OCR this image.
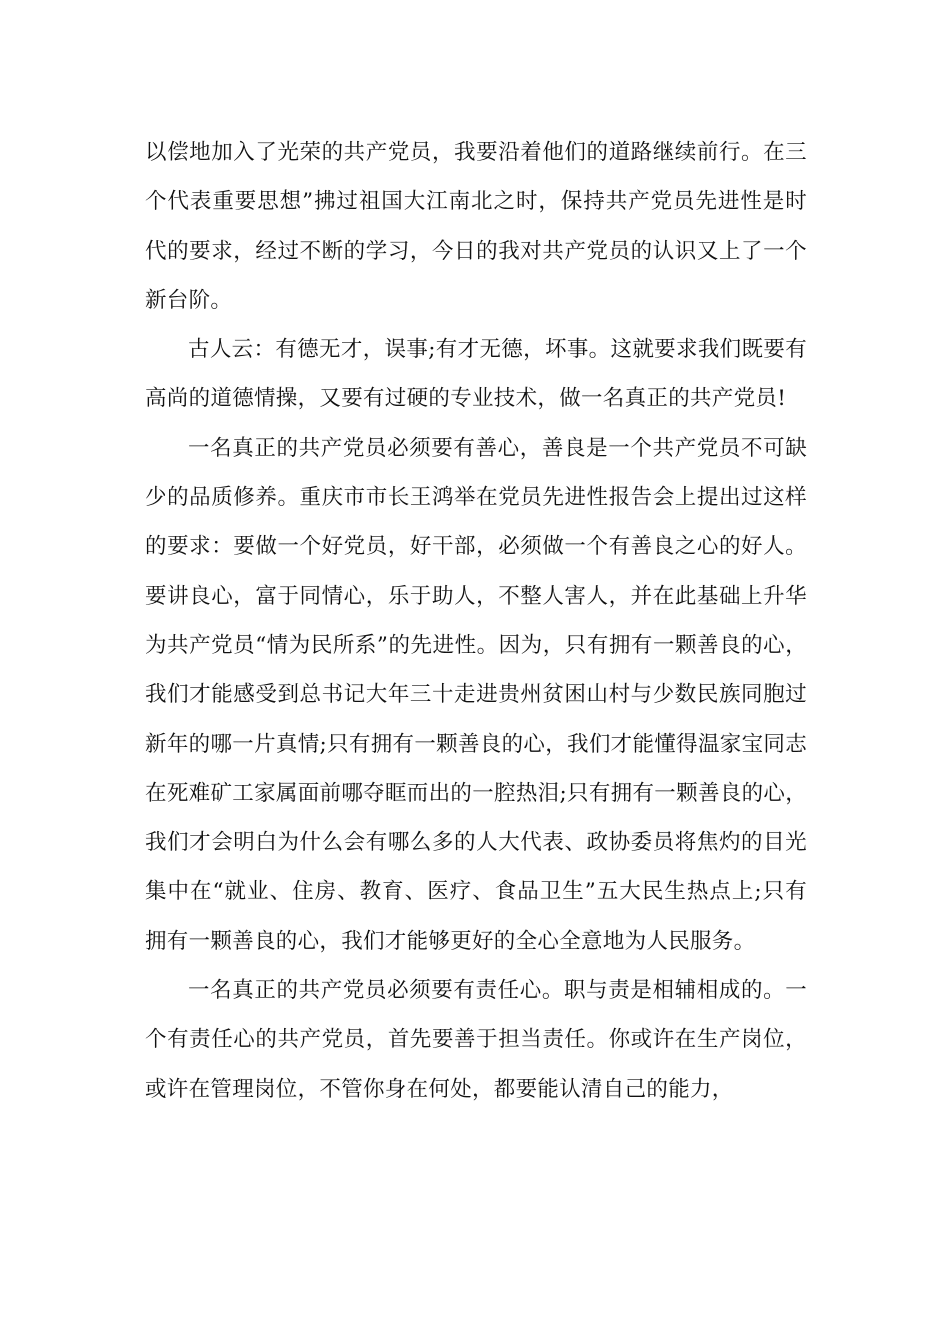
以偿地加入了光荣的共产党员，我要沿着他们的道路继续前行。在三个代表重要思想”拂过祖国大江南北之时，保持共产党员先进性是时代的要求，经过不断的学习，今日的我对共产党员的认识又上了一个新台阶。

古人云：有德无才，误事;有才无德，坏事。这就要求我们既要有高尚的道德情操，又要有过硬的专业技术，做一名真正的共产党员!

一名真正的共产党员必须要有善心，善良是一个共产党员不可缺少的品质修养。重庆市市长王鸿举在党员先进性报告会上提出过这样的要求：要做一个好党员，好干部，必须做一个有善良之心的好人。要讲良心，富于同情心，乐于助人，不整人害人，并在此基础上升华为共产党员“情为民所系”的先进性。因为，只有拥有一颗善良的心，我们才能感受到总书记大年三十走进贵州贫困山村与少数民族同胞过新年的哪一片真情;只有拥有一颗善良的心，我们才能懂得温家宝同志在死难矿工家属面前哪夺眶而出的一腔热泪;只有拥有一颗善良的心，我们才会明白为什么会有哪么多的人大代表、政协委员将焦灼的目光集中在“就业、住房、教育、医疗、食品卫生”五大民生热点上;只有拥有一颗善良的心，我们才能够更好的全心全意地为人民服务。

一名真正的共产党员必须要有责任心。职与责是相辅相成的。一个有责任心的共产党员，首先要善于担当责任。你或许在生产岗位，或许在管理岗位，不管你身在何处，都要能认清自己的能力，
